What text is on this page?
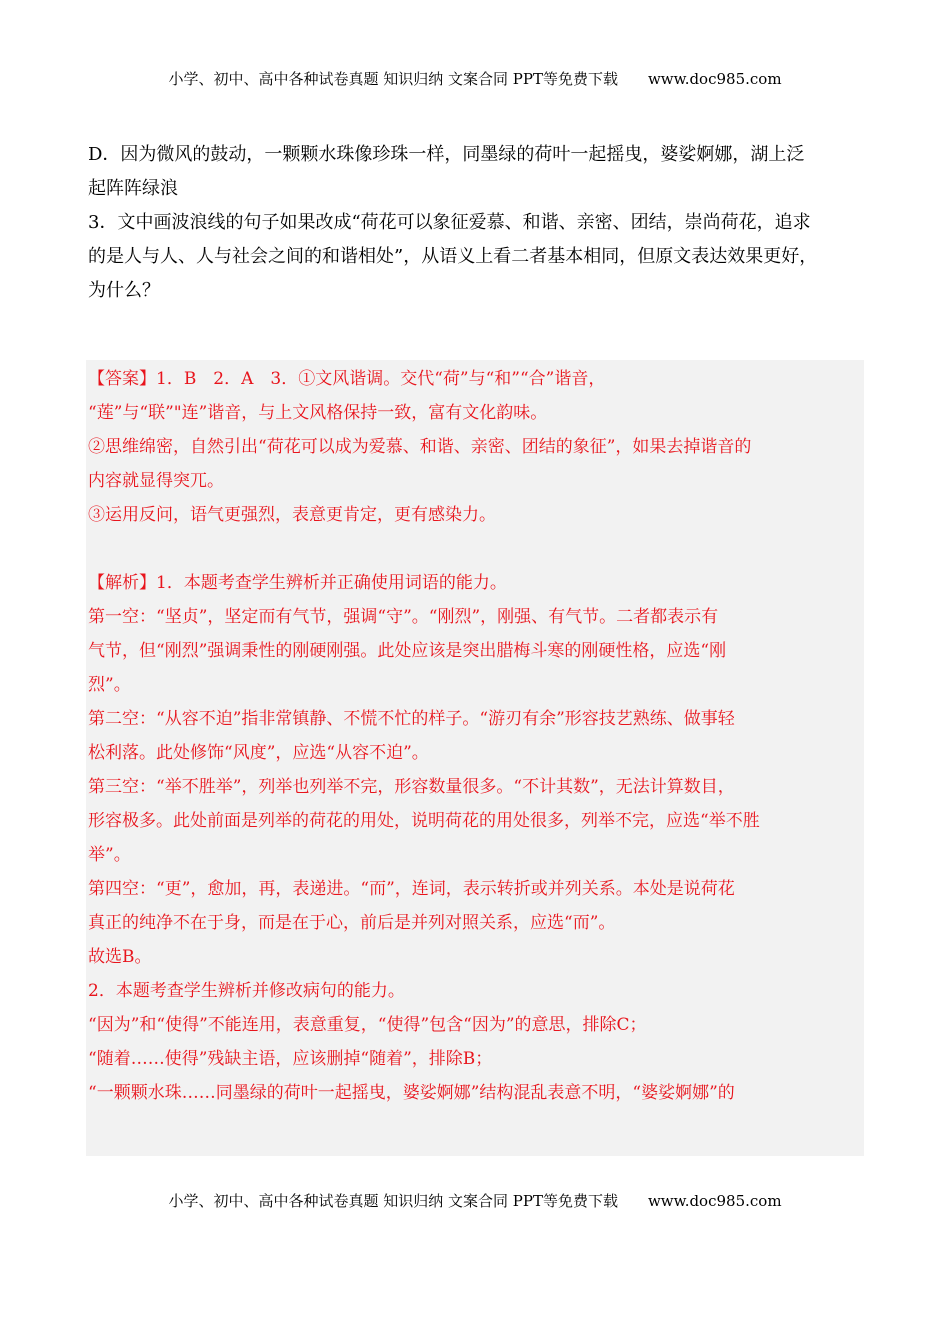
小学、初中、高中各种试卷真题 知识归纳 文案合同 PPT等免费下载 www.doc985.com

D．因为微风的鼓动，一颗颗水珠像珍珠一样，同墨绿的荷叶一起摇曳，婆娑婀娜，湖上泛

起阵阵绿浪

3．文中画波浪线的句子如果改成“荷花可以象征爱慕、和谐、亲密、团结，崇尚荷花，追求

的是人与人、人与社会之间的和谐相处”，从语义上看二者基本相同，但原文表达效果更好，

为什么？

【答案】1．B　2．A　3．①文风谐调。交代“荷”与“和”“合”谐音，

“莲”与“联”"连”谐音，与上文风格保持一致，富有文化韵味。

②思维绵密，自然引出“荷花可以成为爱慕、和谐、亲密、团结的象征”，如果去掉谐音的

内容就显得突兀。

③运用反问，语气更强烈，表意更肯定，更有感染力。

【解析】1．本题考查学生辨析并正确使用词语的能力。

第一空：“坚贞”，坚定而有气节，强调“守”。“刚烈”，刚强、有气节。二者都表示有

气节，但“刚烈”强调秉性的刚硬刚强。此处应该是突出腊梅斗寒的刚硬性格，应选“刚

烈”。

第二空：“从容不迫”指非常镇静、不慌不忙的样子。“游刃有余”形容技艺熟练、做事轻

松利落。此处修饰“风度”，应选“从容不迫”。

第三空：“举不胜举”，列举也列举不完，形容数量很多。“不计其数”，无法计算数目，

形容极多。此处前面是列举的荷花的用处，说明荷花的用处很多，列举不完，应选“举不胜

举”。

第四空：“更”，愈加，再，表递进。“而”，连词，表示转折或并列关系。本处是说荷花

真正的纯净不在于身，而是在于心，前后是并列对照关系，应选“而”。

故选B。

2．本题考查学生辨析并修改病句的能力。

“因为”和“使得”不能连用，表意重复，“使得”包含“因为”的意思，排除C；

“随着……使得”残缺主语，应该删掉“随着”，排除B；

“一颗颗水珠……同墨绿的荷叶一起摇曳，婆娑婀娜”结构混乱表意不明，“婆娑婀娜”的

小学、初中、高中各种试卷真题 知识归纳 文案合同 PPT等免费下载 www.doc985.com
